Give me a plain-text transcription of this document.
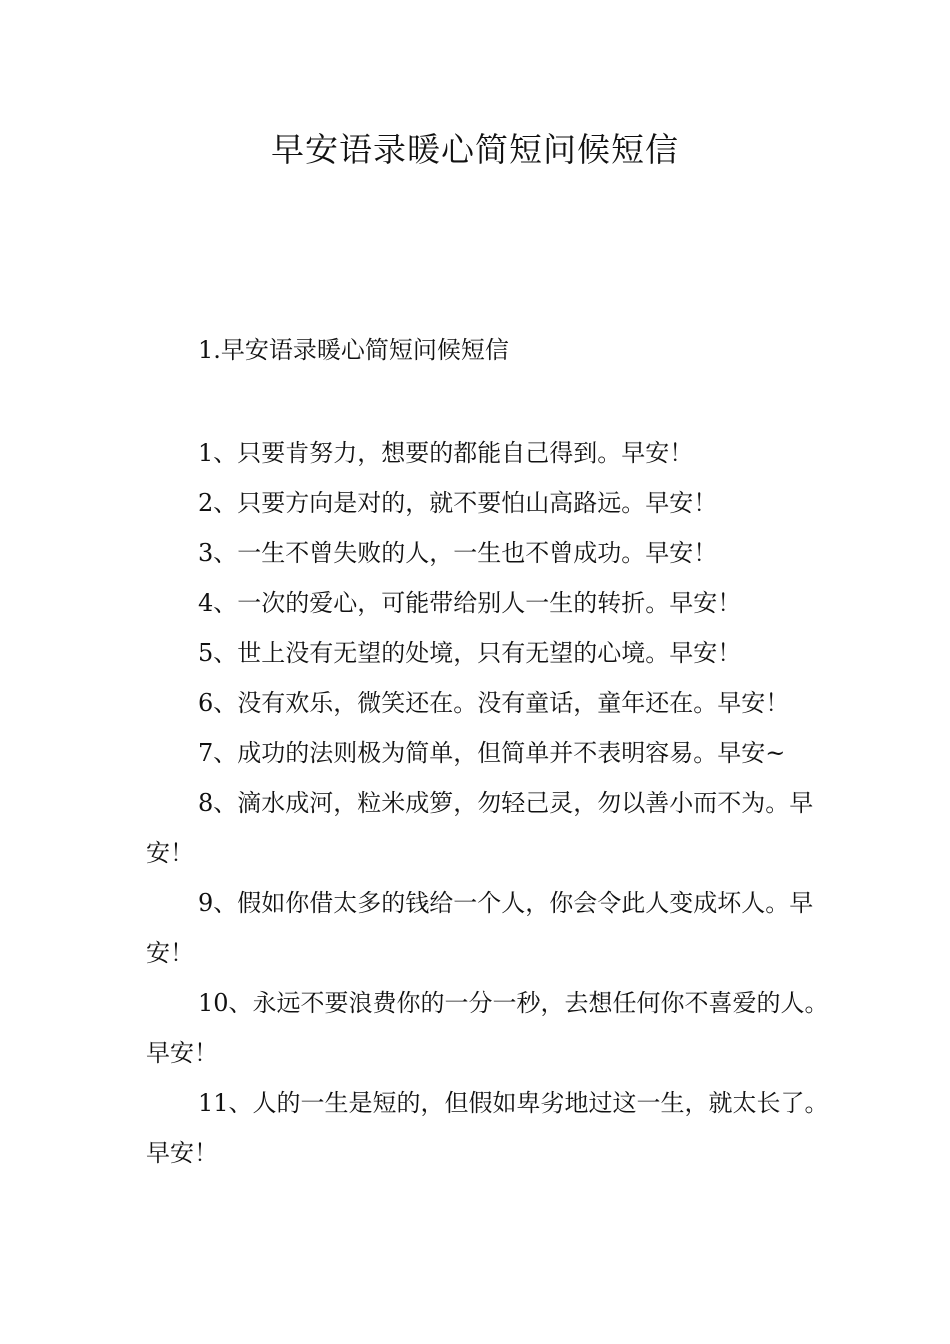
早安语录暖心简短问候短信
1.早安语录暖心简短问候短信

1、只要肯努力，想要的都能自己得到。早安！

2、只要方向是对的，就不要怕山高路远。早安！

3、一生不曾失败的人，一生也不曾成功。早安！

4、一次的爱心，可能带给别人一生的转折。早安！

5、世上没有无望的处境，只有无望的心境。早安！

6、没有欢乐，微笑还在。没有童话，童年还在。早安！

7、成功的法则极为简单，但简单并不表明容易。早安~

8、滴水成河，粒米成箩，勿轻己灵，勿以善小而不为。早安！

9、假如你借太多的钱给一个人，你会令此人变成坏人。早安！

10、永远不要浪费你的一分一秒，去想任何你不喜爱的人。早安！

11、人的一生是短的，但假如卑劣地过这一生，就太长了。早安！
